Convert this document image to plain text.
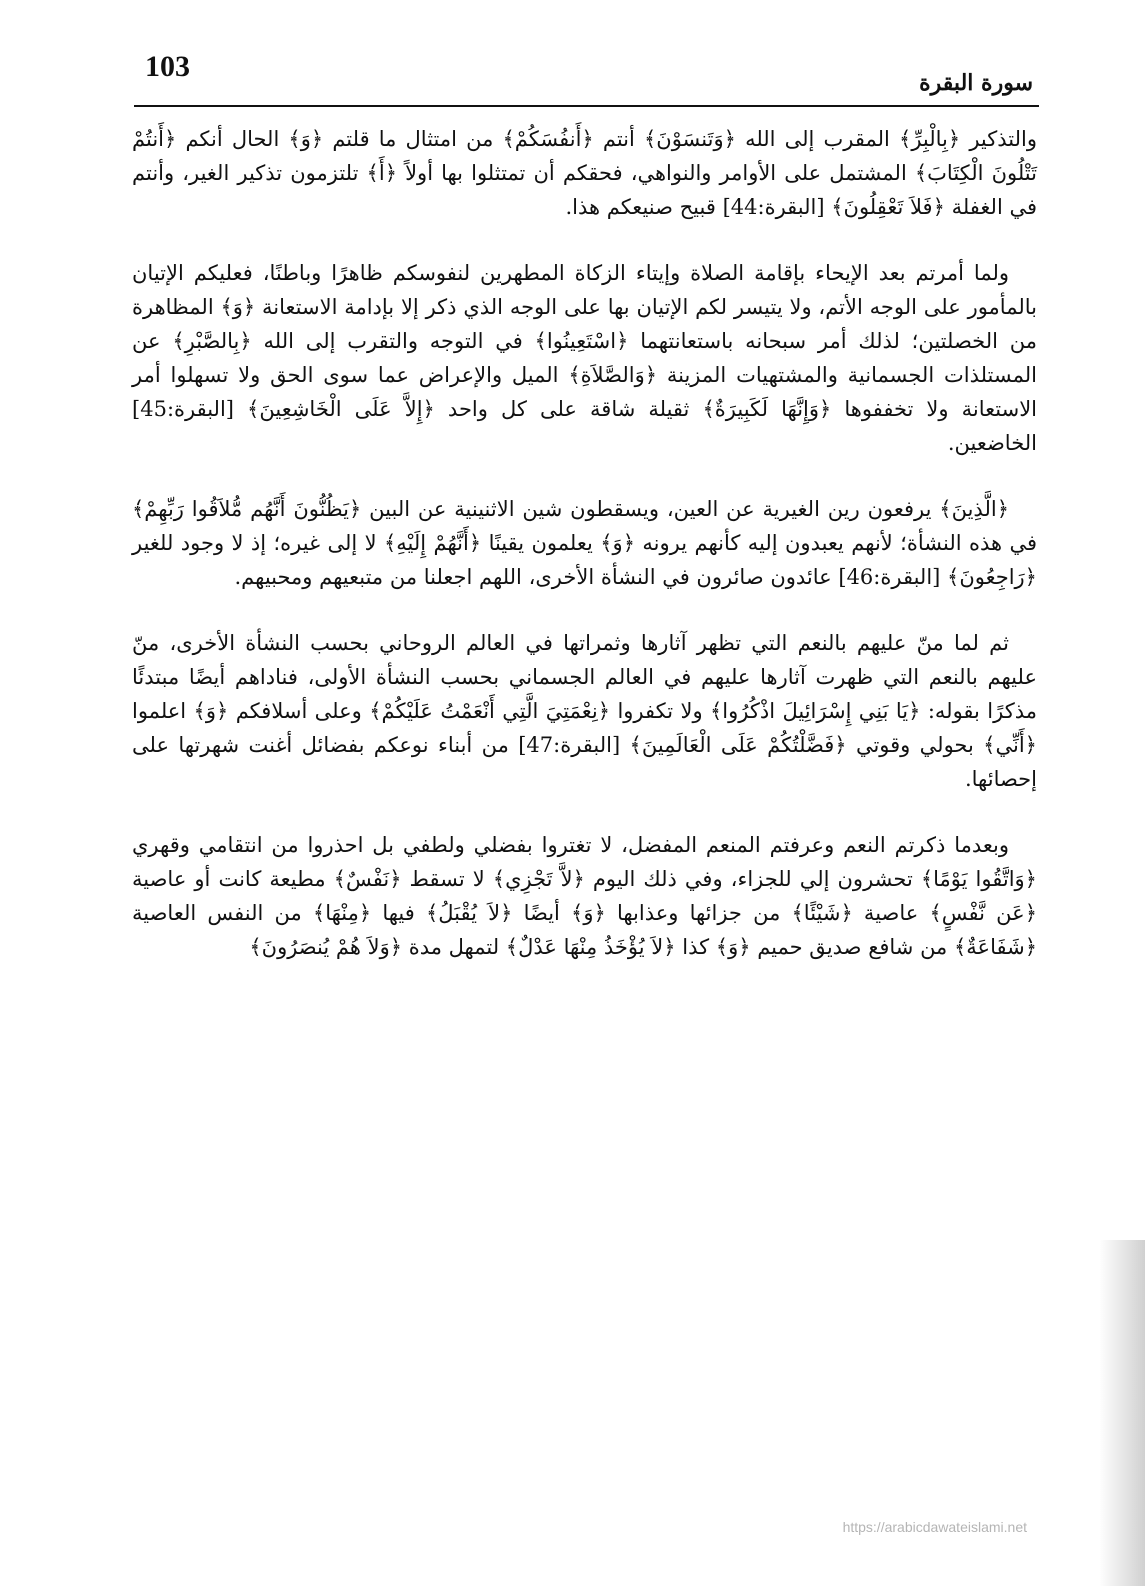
103	سورة البقرة

والتذكير ﴿بِالْبِرِّ﴾ المقرب إلى الله ﴿وَتَنسَوْنَ﴾ أنتم ﴿أَنفُسَكُمْ﴾ من امتثال ما قلتم ﴿وَ﴾ الحال أنكم ﴿أَنتُمْ تَتْلُونَ الْكِتَابَ﴾ المشتمل على الأوامر والنواهي، فحقكم أن تمتثلوا بها أولاً ﴿أَ﴾ تلتزمون تذكير الغير، وأنتم في الغفلة ﴿فَلاَ تَعْقِلُونَ﴾ [البقرة:44] قبيح صنيعكم هذا.

ولما أمرتم بعد الإيحاء بإقامة الصلاة وإيتاء الزكاة المطهرين لنفوسكم ظاهرًا وباطنًا، فعليكم الإتيان بالمأمور على الوجه الأتم، ولا يتيسر لكم الإتيان بها على الوجه الذي ذكر إلا بإدامة الاستعانة ﴿وَ﴾ المظاهرة من الخصلتين؛ لذلك أمر سبحانه باستعانتهما ﴿اسْتَعِينُوا﴾ في التوجه والتقرب إلى الله ﴿بِالصَّبْرِ﴾ عن المستلذات الجسمانية والمشتهيات المزينة ﴿وَالصَّلاَةِ﴾ الميل والإعراض عما سوى الحق ولا تسهلوا أمر الاستعانة ولا تخففوها ﴿وَإِنَّهَا لَكَبِيرَةٌ﴾ ثقيلة شاقة على كل واحد ﴿إِلاَّ عَلَى الْخَاشِعِينَ﴾ [البقرة:45] الخاضعين.

﴿الَّذِينَ﴾ يرفعون رين الغيرية عن العين، ويسقطون شين الاثنينية عن البين ﴿يَظُنُّونَ أَنَّهُم مُّلاَقُوا رَبِّهِمْ﴾ في هذه النشأة؛ لأنهم يعبدون إليه كأنهم يرونه ﴿وَ﴾ يعلمون يقينًا ﴿أَنَّهُمْ إِلَيْهِ﴾ لا إلى غيره؛ إذ لا وجود للغير ﴿رَاجِعُونَ﴾ [البقرة:46] عائدون صائرون في النشأة الأخرى، اللهم اجعلنا من متبعيهم ومحبيهم.

ثم لما منّ عليهم بالنعم التي تظهر آثارها وثمراتها في العالم الروحاني بحسب النشأة الأخرى، منّ عليهم بالنعم التي ظهرت آثارها عليهم في العالم الجسماني بحسب النشأة الأولى، فناداهم أيضًا مبتدئًا مذكرًا بقوله: ﴿يَا بَنِي إِسْرَائِيلَ اذْكُرُوا﴾ ولا تكفروا ﴿نِعْمَتِيَ الَّتِي أَنْعَمْتُ عَلَيْكُمْ﴾ وعلى أسلافكم ﴿وَ﴾ اعلموا ﴿أَنِّي﴾ بحولي وقوتي ﴿فَضَّلْتُكُمْ عَلَى الْعَالَمِينَ﴾ [البقرة:47] من أبناء نوعكم بفضائل أغنت شهرتها على إحصائها.

وبعدما ذكرتم النعم وعرفتم المنعم المفضل، لا تغتروا بفضلي ولطفي بل احذروا من انتقامي وقهري ﴿وَاتَّقُوا يَوْمًا﴾ تحشرون إلي للجزاء، وفي ذلك اليوم ﴿لاَّ تَجْزِي﴾ لا تسقط ﴿نَفْسٌ﴾ مطيعة كانت أو عاصية ﴿عَن نَّفْسٍ﴾ عاصية ﴿شَيْئًا﴾ من جزائها وعذابها ﴿وَ﴾ أيضًا ﴿لاَ يُقْبَلُ﴾ فيها ﴿مِنْهَا﴾ من النفس العاصية ﴿شَفَاعَةٌ﴾ من شافع صديق حميم ﴿وَ﴾ كذا ﴿لاَ يُؤْخَذُ مِنْهَا عَدْلٌ﴾ لتمهل مدة ﴿وَلاَ هُمْ يُنصَرُونَ﴾

https://arabicdawateislami.net
